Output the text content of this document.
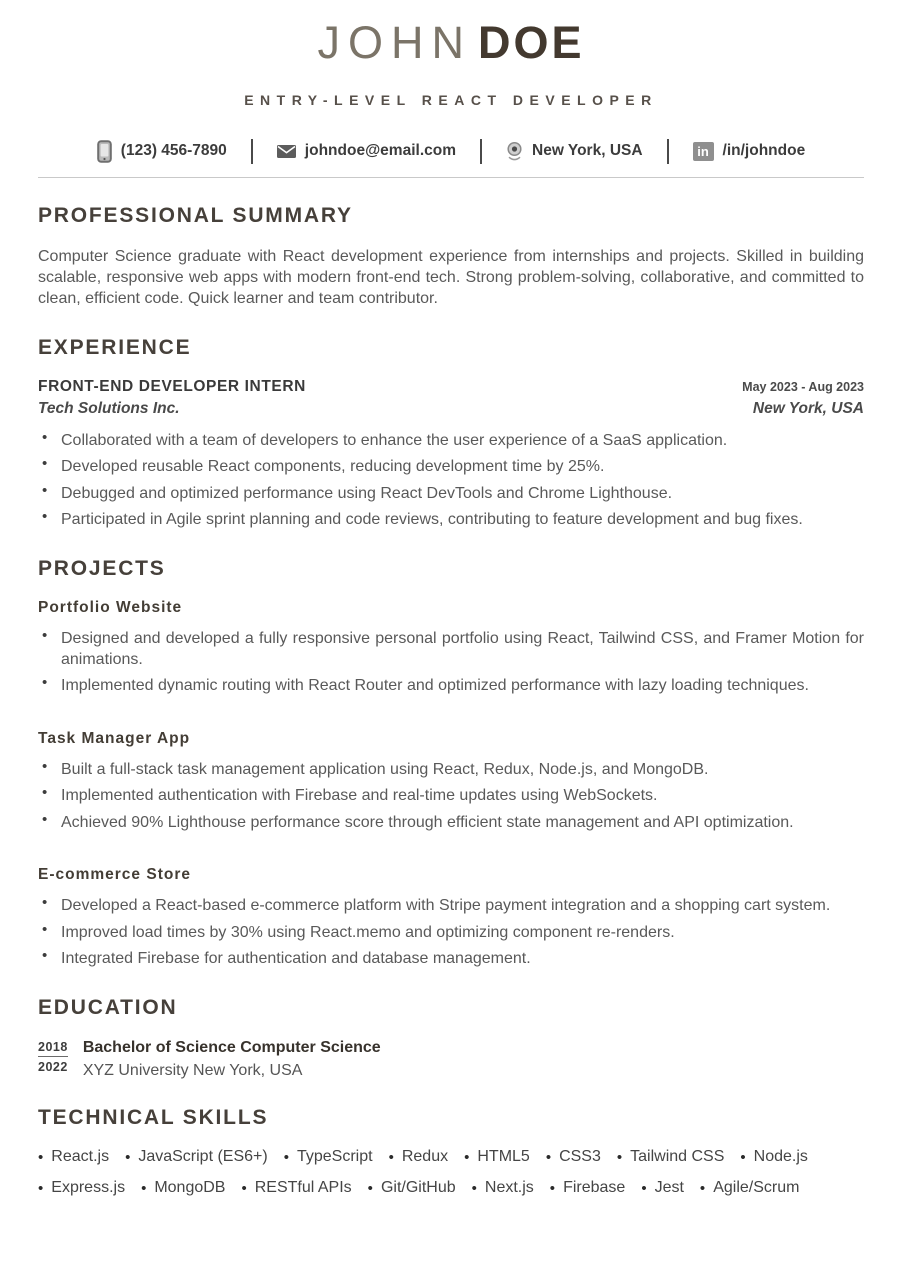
JOHN DOE
ENTRY-LEVEL REACT DEVELOPER
(123) 456-7890	johndoe@email.com	New York, USA	in /in/johndoe
PROFESSIONAL SUMMARY

Computer Science graduate with React development experience from internships and projects. Skilled in building scalable, responsive web apps with modern front-end tech. Strong problem-solving, collaborative, and committed to clean, efficient code. Quick learner and team contributor.

EXPERIENCE
FRONT-END DEVELOPER INTERN	May 2023 - Aug 2023
Tech Solutions Inc.	New York, USA
• Collaborated with a team of developers to enhance the user experience of a SaaS application.
• Developed reusable React components, reducing development time by 25%.
• Debugged and optimized performance using React DevTools and Chrome Lighthouse.
• Participated in Agile sprint planning and code reviews, contributing to feature development and bug fixes.
PROJECTS
Portfolio Website
• Designed and developed a fully responsive personal portfolio using React, Tailwind CSS, and Framer Motion for animations.
• Implemented dynamic routing with React Router and optimized performance with lazy loading techniques.
Task Manager App
• Built a full-stack task management application using React, Redux, Node.js, and MongoDB.
• Implemented authentication with Firebase and real-time updates using WebSockets.
• Achieved 90% Lighthouse performance score through efficient state management and API optimization.
E-commerce Store
• Developed a React-based e-commerce platform with Stripe payment integration and a shopping cart system.
• Improved load times by 30% using React.memo and optimizing component re-renders.
• Integrated Firebase for authentication and database management.
EDUCATION
2018
2022
Bachelor of Science Computer Science
XYZ University New York, USA
TECHNICAL SKILLS
• React.js • JavaScript (ES6+) • TypeScript • Redux • HTML5 • CSS3 • Tailwind CSS • Node.js
• Express.js • MongoDB • RESTful APIs • Git/GitHub • Next.js • Firebase • Jest • Agile/Scrum
